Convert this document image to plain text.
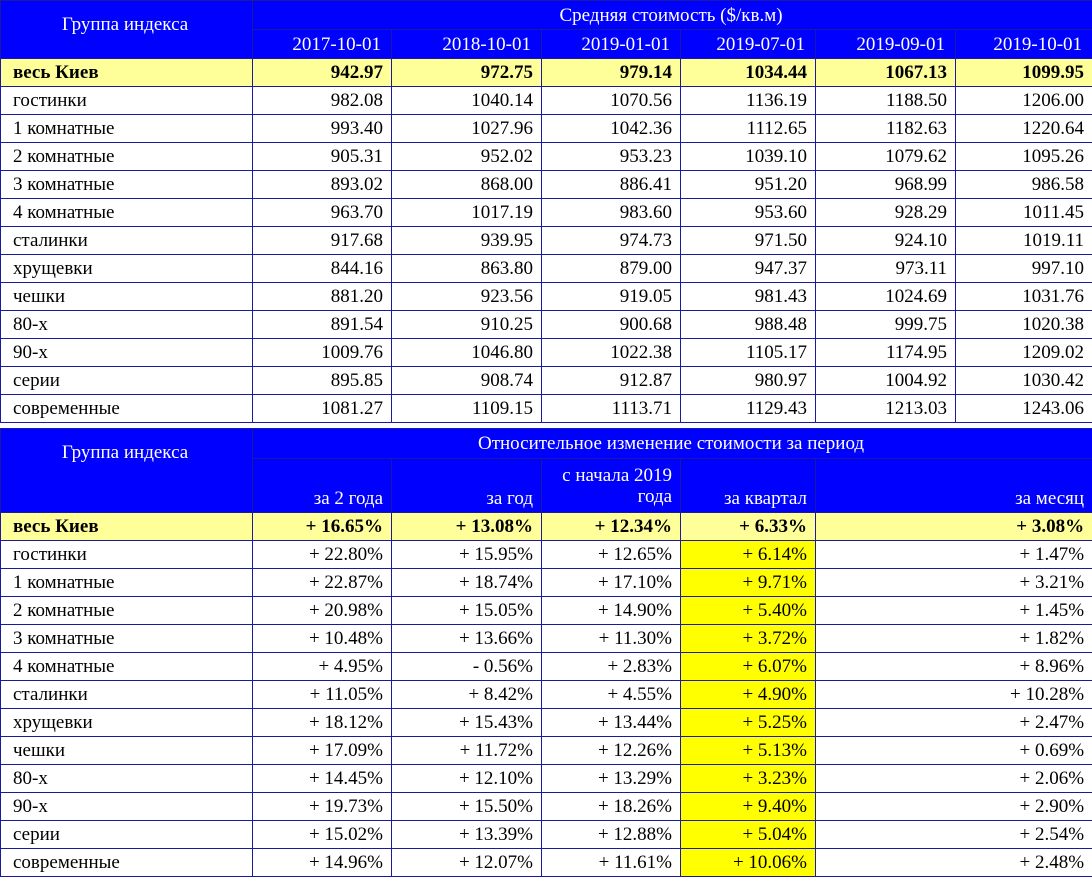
Группа индекса	Средняя стоимость ($/кв.м)					
	2017-10-01	2018-10-01	2019-01-01	2019-07-01	2019-09-01	2019-10-01
весь Киев	942.97	972.75	979.14	1034.44	1067.13	1099.95
гостинки	982.08	1040.14	1070.56	1136.19	1188.50	1206.00
1 комнатные	993.40	1027.96	1042.36	1112.65	1182.63	1220.64
2 комнатные	905.31	952.02	953.23	1039.10	1079.62	1095.26
3 комнатные	893.02	868.00	886.41	951.20	968.99	986.58
4 комнатные	963.70	1017.19	983.60	953.60	928.29	1011.45
сталинки	917.68	939.95	974.73	971.50	924.10	1019.11
хрущевки	844.16	863.80	879.00	947.37	973.11	997.10
чешки	881.20	923.56	919.05	981.43	1024.69	1031.76
80-х	891.54	910.25	900.68	988.48	999.75	1020.38
90-х	1009.76	1046.80	1022.38	1105.17	1174.95	1209.02
серии	895.85	908.74	912.87	980.97	1004.92	1030.42
современные	1081.27	1109.15	1113.71	1129.43	1213.03	1243.06
Группа индекса	Относительное изменение стоимости за период				
	за 2 года	за год	с начала 2019 года	за квартал	за месяц
весь Киев	+ 16.65%	+ 13.08%	+ 12.34%	+ 6.33%	+ 3.08%
гостинки	+ 22.80%	+ 15.95%	+ 12.65%	+ 6.14%	+ 1.47%
1 комнатные	+ 22.87%	+ 18.74%	+ 17.10%	+ 9.71%	+ 3.21%
2 комнатные	+ 20.98%	+ 15.05%	+ 14.90%	+ 5.40%	+ 1.45%
3 комнатные	+ 10.48%	+ 13.66%	+ 11.30%	+ 3.72%	+ 1.82%
4 комнатные	+ 4.95%	- 0.56%	+ 2.83%	+ 6.07%	+ 8.96%
сталинки	+ 11.05%	+ 8.42%	+ 4.55%	+ 4.90%	+ 10.28%
хрущевки	+ 18.12%	+ 15.43%	+ 13.44%	+ 5.25%	+ 2.47%
чешки	+ 17.09%	+ 11.72%	+ 12.26%	+ 5.13%	+ 0.69%
80-х	+ 14.45%	+ 12.10%	+ 13.29%	+ 3.23%	+ 2.06%
90-х	+ 19.73%	+ 15.50%	+ 18.26%	+ 9.40%	+ 2.90%
серии	+ 15.02%	+ 13.39%	+ 12.88%	+ 5.04%	+ 2.54%
современные	+ 14.96%	+ 12.07%	+ 11.61%	+ 10.06%	+ 2.48%
